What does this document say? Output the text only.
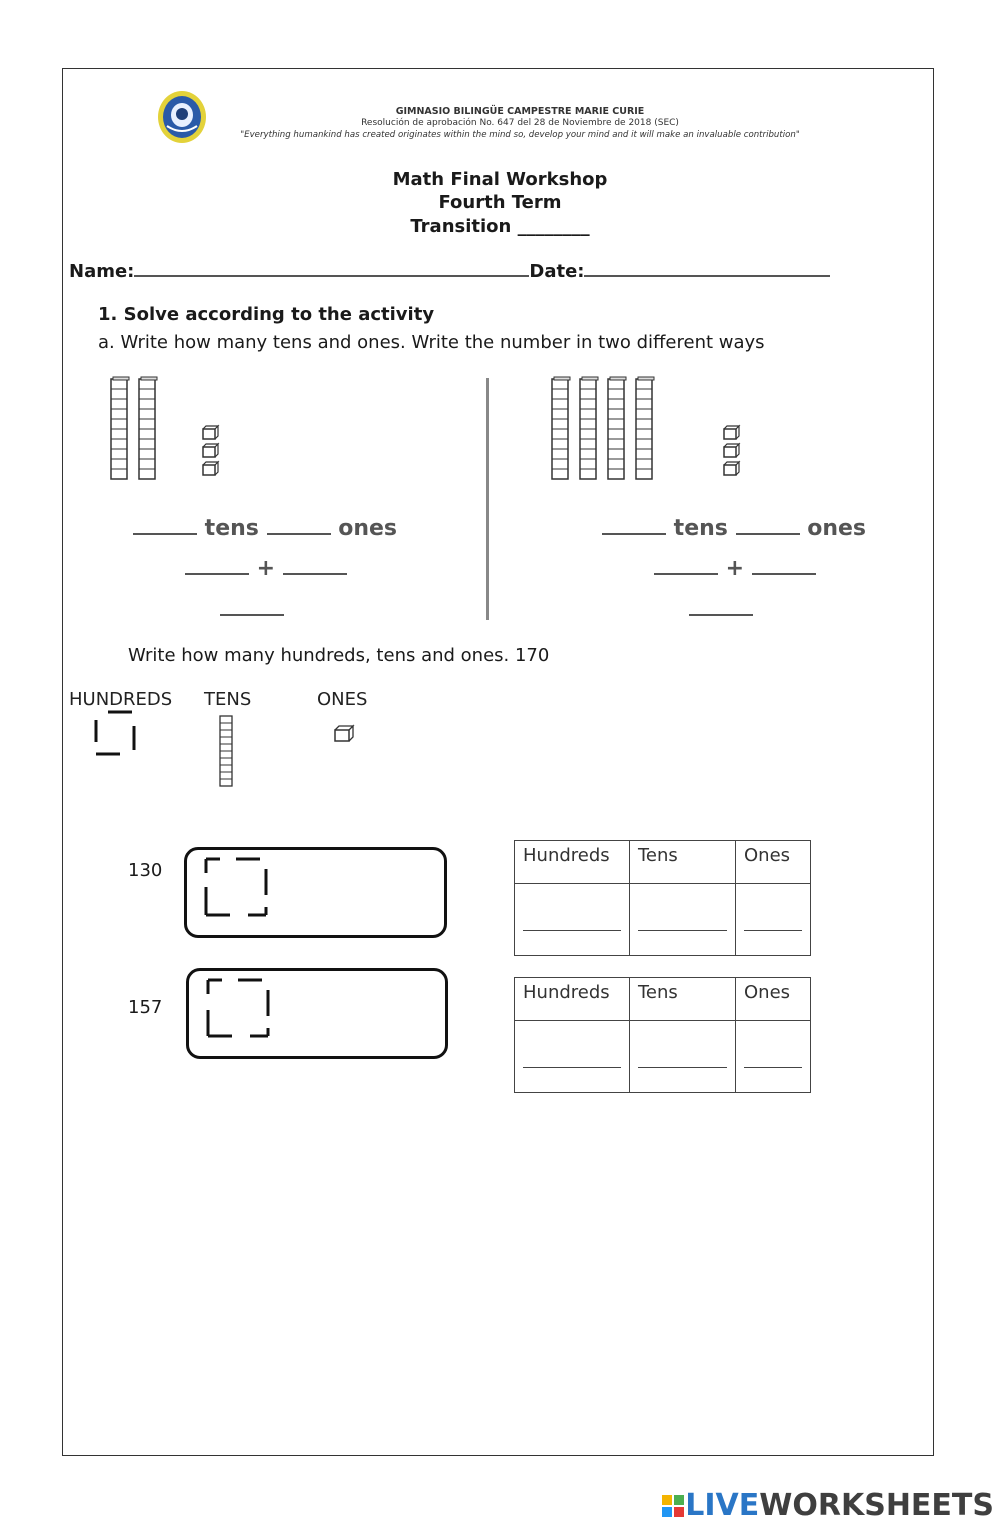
GIMNASIO BILINGÜE CAMPESTRE MARIE CURIE
Resolución de aprobación No. 647 del 28 de Noviembre de 2018 (SEC)
"Everything humankind has created originates within the mind so, develop your mind and it will make an invaluable contribution"
Math Final Workshop
Fourth Term
Transition ________
Name:	Date:
1. Solve according to the activity
a. Write how many tens and ones. Write the number in two different ways
tens	ones
+
tens	ones
+
Write how many hundreds, tens and ones. 170
HUNDREDS TENS	ONES
130
Hundreds	Tens	Ones

157
Hundreds	Tens	Ones

LIVEWORKSHEETS
